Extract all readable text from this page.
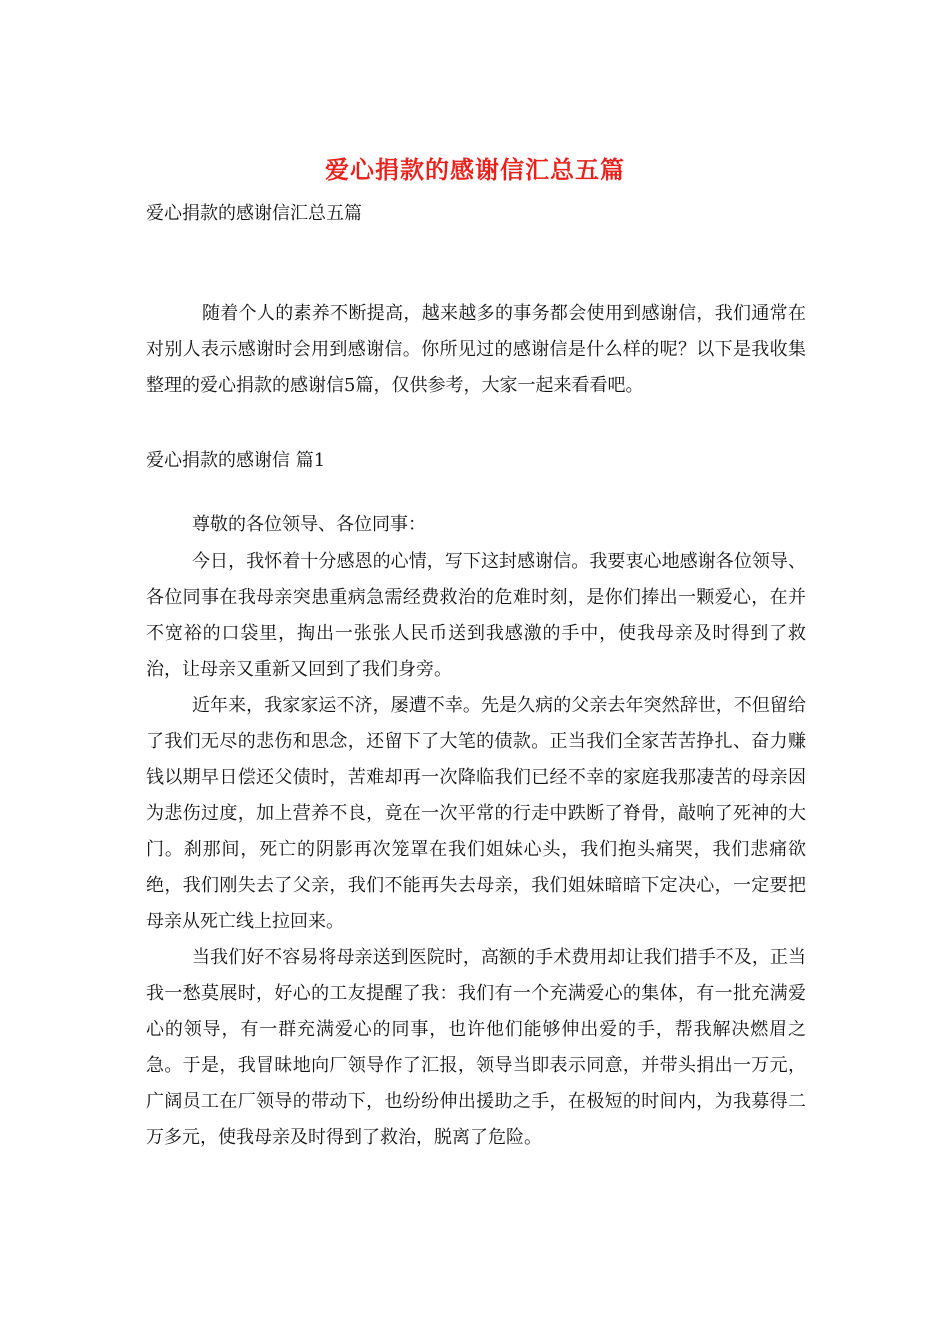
爱心捐款的感谢信汇总五篇

爱心捐款的感谢信汇总五篇

随着个人的素养不断提高，越来越多的事务都会使用到感谢信，我们通常在对别人表示感谢时会用到感谢信。你所见过的感谢信是什么样的呢？以下是我收集整理的爱心捐款的感谢信5篇，仅供参考，大家一起来看看吧。

爱心捐款的感谢信 篇1

尊敬的各位领导、各位同事：

今日，我怀着十分感恩的心情，写下这封感谢信。我要衷心地感谢各位领导、各位同事在我母亲突患重病急需经费救治的危难时刻，是你们捧出一颗爱心，在并不宽裕的口袋里，掏出一张张人民币送到我感激的手中，使我母亲及时得到了救治，让母亲又重新又回到了我们身旁。

近年来，我家家运不济，屡遭不幸。先是久病的父亲去年突然辞世，不但留给了我们无尽的悲伤和思念，还留下了大笔的债款。正当我们全家苦苦挣扎、奋力赚钱以期早日偿还父债时，苦难却再一次降临我们已经不幸的家庭我那凄苦的母亲因为悲伤过度，加上营养不良，竟在一次平常的行走中跌断了脊骨，敲响了死神的大门。刹那间，死亡的阴影再次笼罩在我们姐妹心头，我们抱头痛哭，我们悲痛欲绝，我们刚失去了父亲，我们不能再失去母亲，我们姐妹暗暗下定决心，一定要把母亲从死亡线上拉回来。

当我们好不容易将母亲送到医院时，高额的手术费用却让我们措手不及，正当我一愁莫展时，好心的工友提醒了我：我们有一个充满爱心的集体，有一批充满爱心的领导，有一群充满爱心的同事，也许他们能够伸出爱的手，帮我解决燃眉之急。于是，我冒昧地向厂领导作了汇报，领导当即表示同意，并带头捐出一万元，广阔员工在厂领导的带动下，也纷纷伸出援助之手，在极短的时间内，为我募得二万多元，使我母亲及时得到了救治，脱离了危险。
